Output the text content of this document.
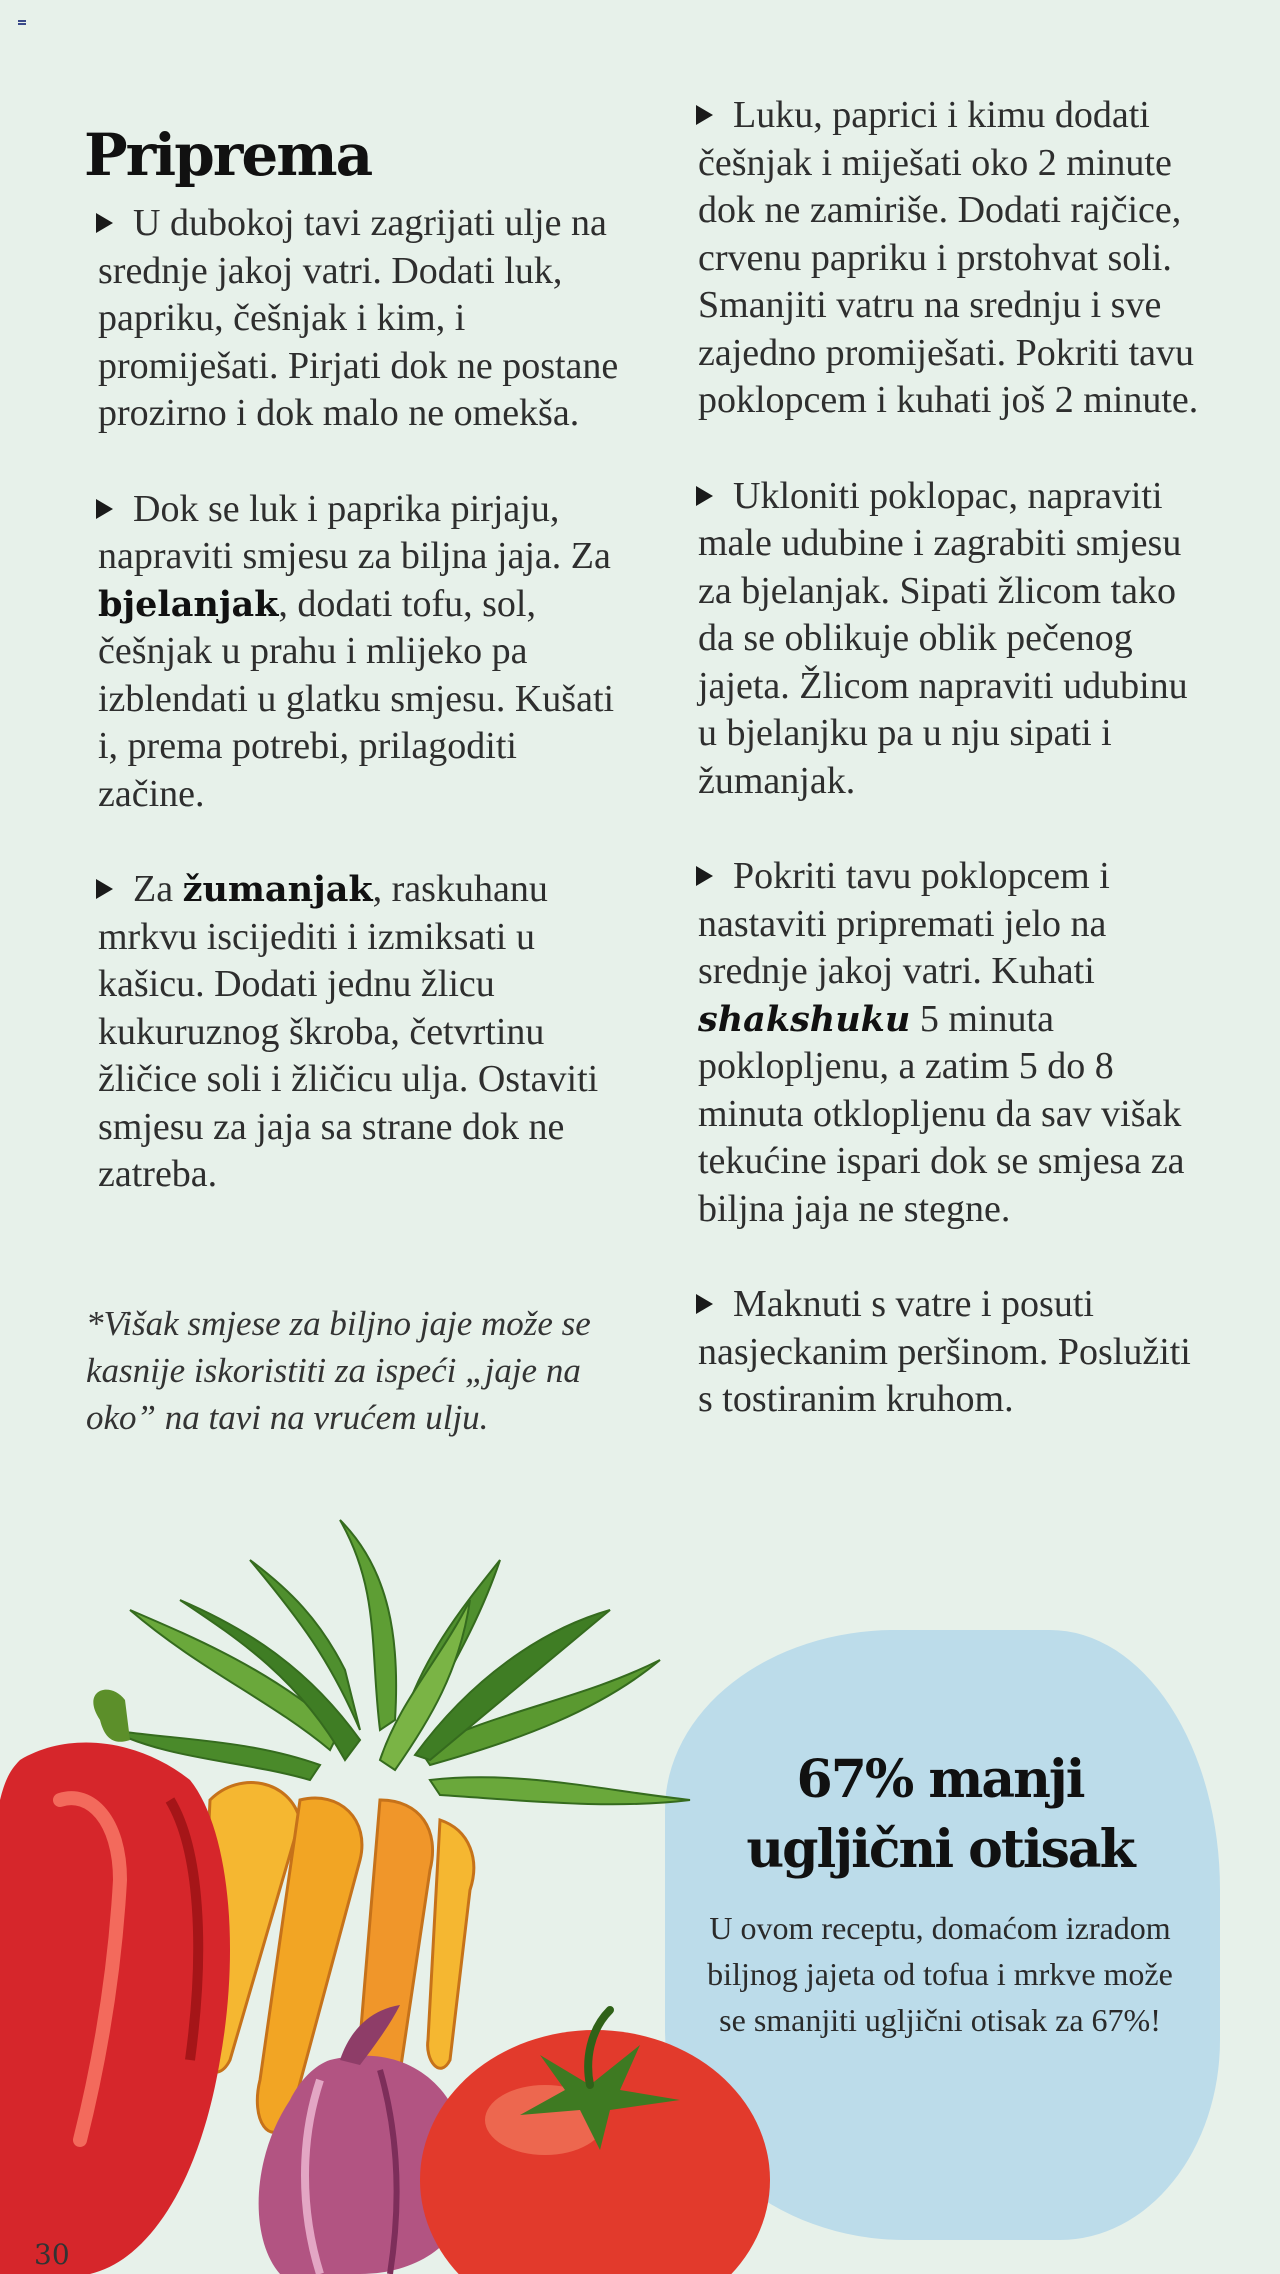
Priprema

U dubokoj tavi zagrijati ulje na srednje jakoj vatri. Dodati luk, papriku, češnjak i kim, i promiješati. Pirjati dok ne postane prozirno i dok malo ne omekša.

Dok se luk i paprika pirjaju, napraviti smjesu za biljna jaja. Za bjelanjak, dodati tofu, sol, češnjak u prahu i mlijeko pa izblendati u glatku smjesu. Kušati i, prema potrebi, prilagoditi začine.

Za žumanjak, raskuhanu mrkvu iscijediti i izmiksati u kašicu. Dodati jednu žlicu kukuruznog škroba, četvrtinu žličice soli i žličicu ulja. Ostaviti smjesu za jaja sa strane dok ne zatreba.

*Višak smjese za biljno jaje može se kasnije iskoristiti za ispeći „jaje na oko” na tavi na vrućem ulju.

Luku, paprici i kimu dodati češnjak i miješati oko 2 minute dok ne zamiriše. Dodati rajčice, crvenu papriku i prstohvat soli. Smanjiti vatru na srednju i sve zajedno promiješati. Pokriti tavu poklopcem i kuhati još 2 minute.

Ukloniti poklopac, napraviti male udubine i zagrabiti smjesu za bjelanjak. Sipati žlicom tako da se oblikuje oblik pečenog jajeta. Žlicom napraviti udubinu u bjelanjku pa u nju sipati i žumanjak.

Pokriti tavu poklopcem i nastaviti pripremati jelo na srednje jakoj vatri. Kuhati shakshuku 5 minuta poklopljenu, a zatim 5 do 8 minuta otklopljenu da sav višak tekućine ispari dok se smjesa za biljna jaja ne stegne.

Maknuti s vatre i posuti nasjeckanim peršinom. Poslužiti s tostiranim kruhom.

67% manji
ugljični otisak
U ovom receptu, domaćom izradom biljnog jajeta od tofua i mrkve može se smanjiti ugljični otisak za 67%!
30
